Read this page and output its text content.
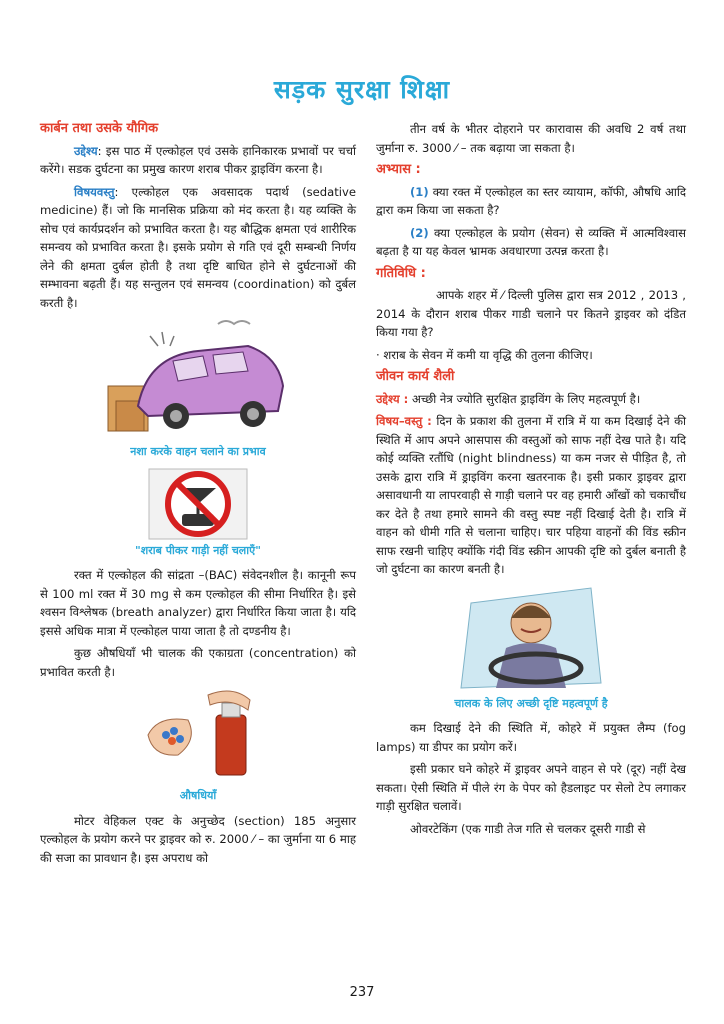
सड़क सुरक्षा शिक्षा
कार्बन तथा उसके यौगिक

उद्देश्य: इस पाठ में एल्कोहल एवं उसके हानिकारक प्रभावों पर चर्चा करेंगे। सडक दुर्घटना का प्रमुख कारण शराब पीकर ड्राइविंग करना है।

विषयवस्तु: एल्कोहल एक अवसादक पदार्थ (sedative medicine) हैं। जो कि मानसिक प्रक्रिया को मंद करता है। यह व्यक्ति के सोच एवं कार्यप्रदर्शन को प्रभावित करता है। यह बौद्धिक क्षमता एवं शारीरिक समन्वय को प्रभावित करता है। इसके प्रयोग से गति एवं दूरी सम्बन्धी निर्णय लेने की क्षमता दुर्बल होती है तथा दृष्टि बाधित होने से दुर्घटनाओं की सम्भावना बढ़ती हैं। यह सन्तुलन एवं समन्वय (coordination) को दुर्बल करती है।

नशा करके वाहन चलाने का प्रभाव
"शराब पीकर गाड़ी नहीं चलाएँ"

रक्त में एल्कोहल की सांद्रता –(BAC) संवेदनशील है। कानूनी रूप से 100 ml रक्त में 30 mg से कम एल्कोहल की सीमा निर्धारित है। इसे श्वसन विश्लेषक (breath analyzer) द्वारा निर्धारित किया जाता है। यदि इससे अधिक मात्रा में एल्कोहल पाया जाता है तो दण्डनीय है।

कुछ औषधियाँ भी चालक की एकाग्रता (concentration) को प्रभावित करती है।

औषधियाँ

मोटर वेहिकल एक्ट के अनुच्छेद (section) 185 अनुसार एल्कोहल के प्रयोग करने पर ड्राइवर को रु. 2000 ⁄ – का जुर्माना या 6 माह की सजा का प्रावधान है। इस अपराध को

तीन वर्ष के भीतर दोहराने पर कारावास की अवधि 2 वर्ष तथा जुर्माना रु. 3000 ⁄ – तक बढ़ाया जा सकता है।

अभ्यास :

(1) क्या रक्त में एल्कोहल का स्तर व्यायाम, कॉफी, औषधि आदि द्वारा कम किया जा सकता है?

(2) क्या एल्कोहल के प्रयोग (सेवन) से व्यक्ति में आत्मविश्वास बढ़ता है या यह केवल भ्रामक अवधारणा उत्पन्न करता है।

गतिविधि :

आपके शहर में ⁄ दिल्ली पुलिस द्वारा सत्र 2012 , 2013 , 2014 के दौरान शराब पीकर गाडी चलाने पर कितने ड्राइवर को दंडित किया गया है?

· शराब के सेवन में कमी या वृद्धि की तुलना कीजिए।

जीवन कार्य शैली

उद्देश्य : अच्छी नेत्र ज्योति सुरक्षित ड्राइविंग के लिए महत्वपूर्ण है।

विषय–वस्तु : दिन के प्रकाश की तुलना में रात्रि में या कम दिखाई देने की स्थिति में आप अपने आसपास की वस्तुओं को साफ नहीं देख पाते है। यदि कोई व्यक्ति रतौंधि (night blindness) या कम नजर से पीड़ित है, तो उसके द्वारा रात्रि में ड्राइविंग करना खतरनाक है। इसी प्रकार ड्राइवर द्वारा असावधानी या लापरवाही से गाड़ी चलाने पर वह हमारी आँखों को चकाचौंध कर देते है तथा हमारे सामने की वस्तु स्पष्ट नहीं दिखाई देती है। रात्रि में वाहन को धीमी गति से चलाना चाहिए। चार पहिया वाहनों की विंड स्क्रीन साफ रखनी चाहिए क्योंकि गंदी विंड स्क्रीन आपकी दृष्टि को दुर्बल बनाती है जो दुर्घटना का कारण बनती है।

चालक के लिए अच्छी दृष्टि महत्वपूर्ण है

कम दिखाई देने की स्थिति में, कोहरे में प्रयुक्त लैम्प (fog lamps) या डीपर का प्रयोग करें।

इसी प्रकार घने कोहरे में ड्राइवर अपने वाहन से परे (दूर) नहीं देख सकता। ऐसी स्थिति में पीले रंग के पेपर को हैडलाइट पर सेलो टेप लगाकर गाड़ी सुरक्षित चलावें।

ओवरटेकिंग (एक गाडी तेज गति से चलकर दूसरी गाडी से

237
